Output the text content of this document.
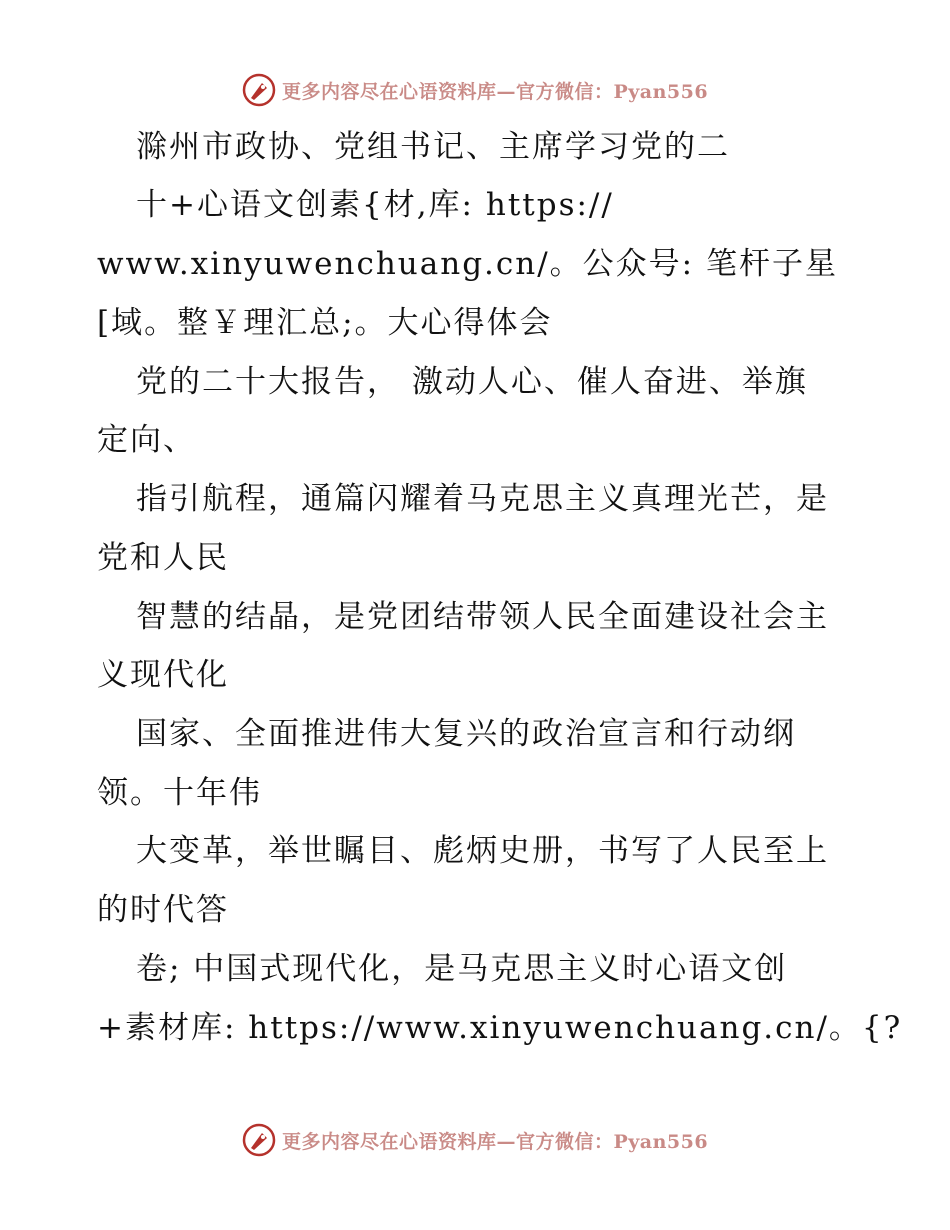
更多内容尽在心语资料库—官方微信：Pyan556
滁州市政协、党组书记、主席学习党的二
十+心语文创素{材,库: https://
www.xinyuwenchuang.cn/。公众号: 笔杆子星
[域。整￥理汇总;。大心得体会
党的二十大报告， 激动人心、催人奋进、举旗
定向、
指引航程，通篇闪耀着马克思主义真理光芒，是
党和人民
智慧的结晶，是党团结带领人民全面建设社会主
义现代化
国家、全面推进伟大复兴的政治宣言和行动纲
领。十年伟
大变革，举世瞩目、彪炳史册，书写了人民至上
的时代答
卷; 中国式现代化，是马克思主义时心语文创
+素材库: https://www.xinyuwenchuang.cn/。{?
更多内容尽在心语资料库—官方微信：Pyan556
